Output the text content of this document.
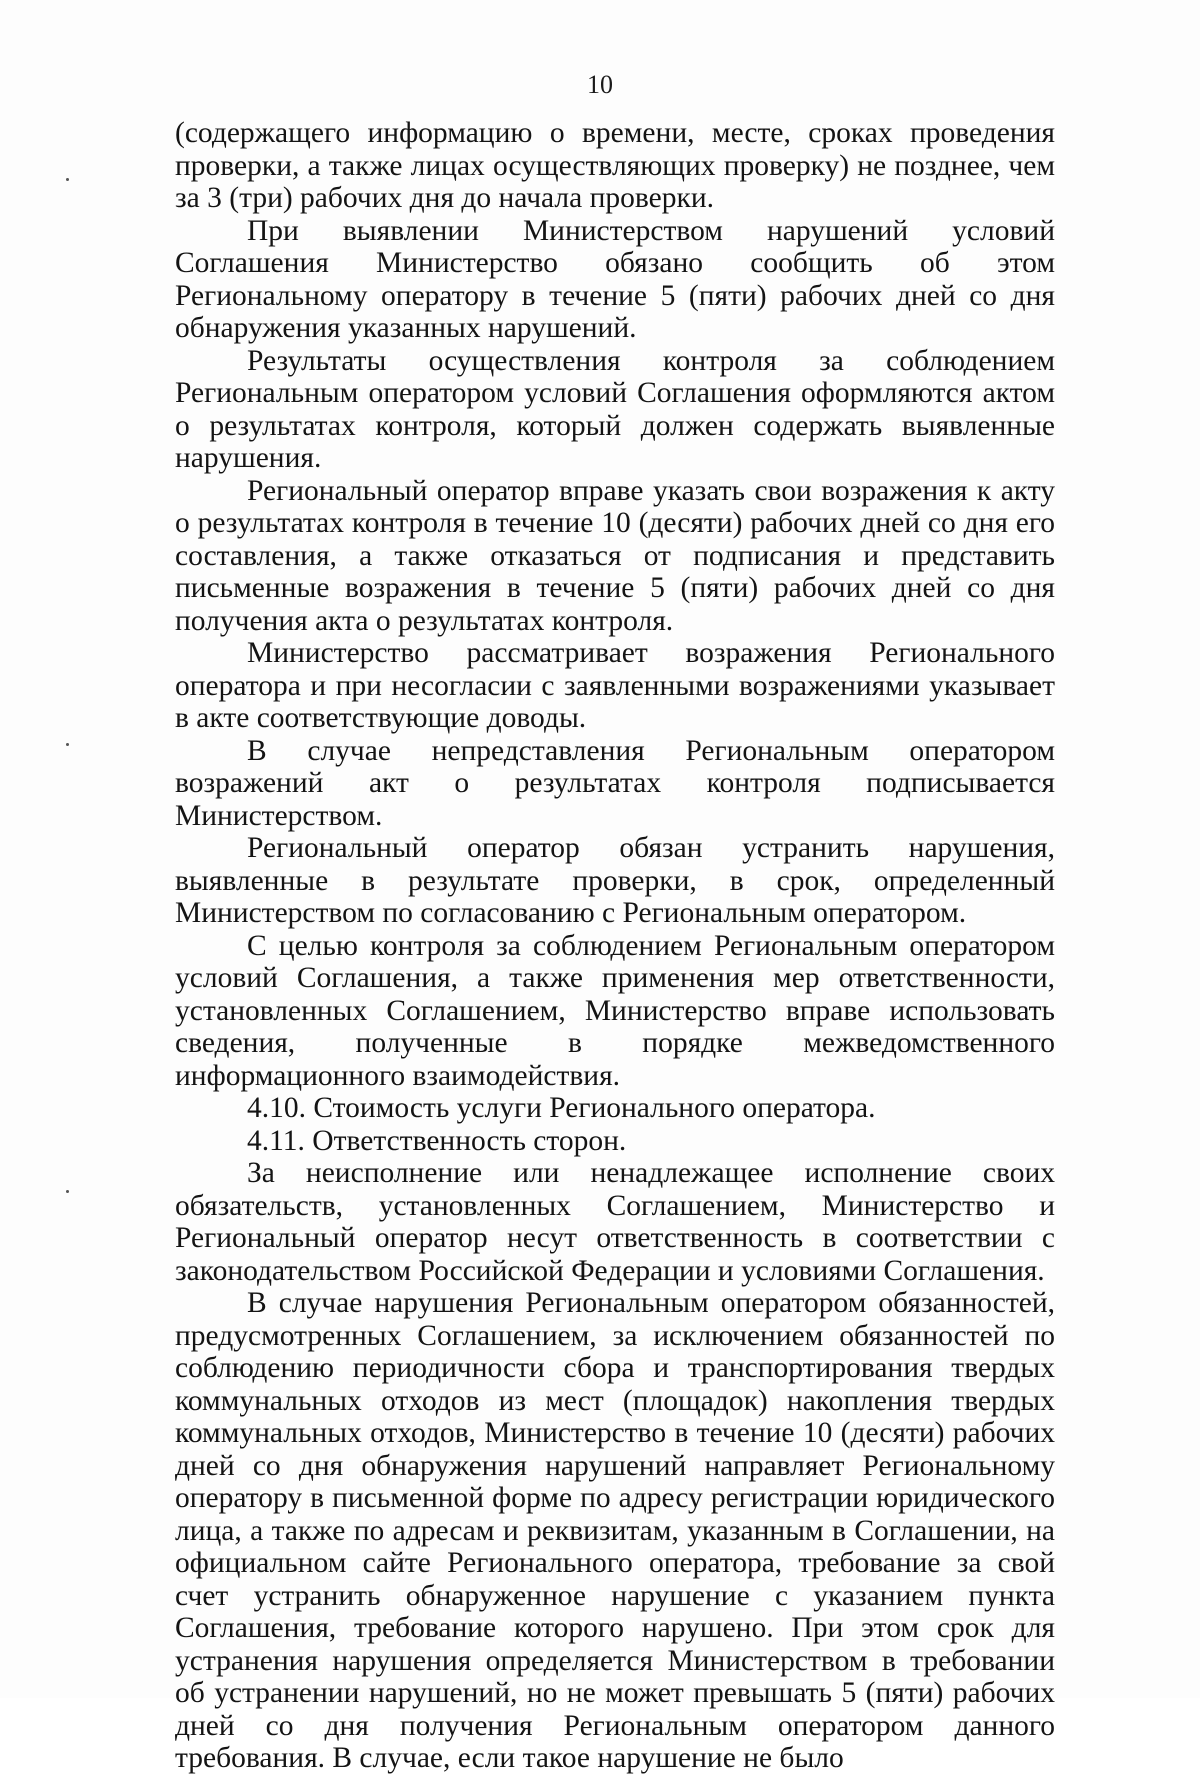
10

(содержащего информацию о времени, месте, сроках проведения проверки, а также лицах осуществляющих проверку) не позднее, чем за 3 (три) рабочих дня до начала проверки.

При выявлении Министерством нарушений условий Соглашения Министерство обязано сообщить об этом Региональному оператору в течение 5 (пяти) рабочих дней со дня обнаружения указанных нарушений.

Результаты осуществления контроля за соблюдением Региональным оператором условий Соглашения оформляются актом о результатах контроля, который должен содержать выявленные нарушения.

Региональный оператор вправе указать свои возражения к акту о результатах контроля в течение 10 (десяти) рабочих дней со дня его составления, а также отказаться от подписания и представить письменные возражения в течение 5 (пяти) рабочих дней со дня получения акта о результатах контроля.

Министерство рассматривает возражения Регионального оператора и при несогласии с заявленными возражениями указывает в акте соответствующие доводы.

В случае непредставления Региональным оператором возражений акт о результатах контроля подписывается Министерством.

Региональный оператор обязан устранить нарушения, выявленные в результате проверки, в срок, определенный Министерством по согласованию с Региональным оператором.

С целью контроля за соблюдением Региональным оператором условий Соглашения, а также применения мер ответственности, установленных Соглашением, Министерство вправе использовать сведения, полученные в порядке межведомственного информационного взаимодействия.

4.10. Стоимость услуги Регионального оператора.

4.11. Ответственность сторон.

За неисполнение или ненадлежащее исполнение своих обязательств, установленных Соглашением, Министерство и Региональный оператор несут ответственность в соответствии с законодательством Российской Федерации и условиями Соглашения.

В случае нарушения Региональным оператором обязанностей, предусмотренных Соглашением, за исключением обязанностей по соблюдению периодичности сбора и транспортирования твердых коммунальных отходов из мест (площадок) накопления твердых коммунальных отходов, Министерство в течение 10 (десяти) рабочих дней со дня обнаружения нарушений направляет Региональному оператору в письменной форме по адресу регистрации юридического лица, а также по адресам и реквизитам, указанным в Соглашении, на официальном сайте Регионального оператора, требование за свой счет устранить обнаруженное нарушение с указанием пункта Соглашения, требование которого нарушено. При этом срок для устранения нарушения определяется Министерством в требовании об устранении нарушений, но не может превышать 5 (пяти) рабочих дней со дня получения Региональным оператором данного требования. В случае, если такое нарушение не было
